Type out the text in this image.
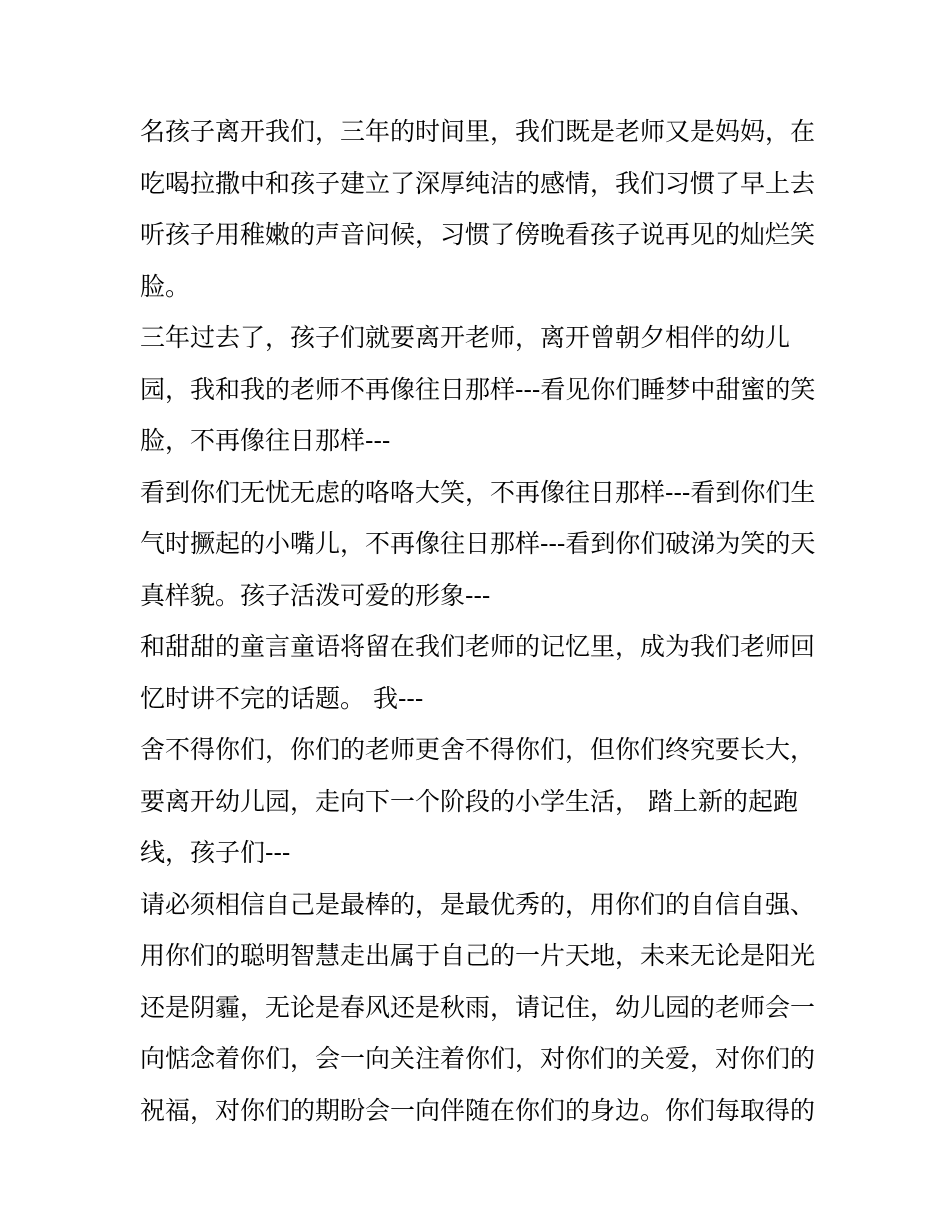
名孩子离开我们，三年的时间里，我们既是老师又是妈妈，在
吃喝拉撒中和孩子建立了深厚纯洁的感情，我们习惯了早上去
听孩子用稚嫩的声音问候，习惯了傍晚看孩子说再见的灿烂笑
脸。
三年过去了，孩子们就要离开老师，离开曾朝夕相伴的幼儿
园，我和我的老师不再像往日那样---看见你们睡梦中甜蜜的笑
脸，不再像往日那样---
看到你们无忧无虑的咯咯大笑，不再像往日那样---看到你们生
气时撅起的小嘴儿，不再像往日那样---看到你们破涕为笑的天
真样貌。孩子活泼可爱的形象---
和甜甜的童言童语将留在我们老师的记忆里，成为我们老师回
忆时讲不完的话题。 我---
舍不得你们，你们的老师更舍不得你们，但你们终究要长大，
要离开幼儿园，走向下一个阶段的小学生活， 踏上新的起跑
线，孩子们---
请必须相信自己是最棒的，是最优秀的，用你们的自信自强、
用你们的聪明智慧走出属于自己的一片天地，未来无论是阳光
还是阴霾，无论是春风还是秋雨，请记住，幼儿园的老师会一
向惦念着你们，会一向关注着你们，对你们的关爱，对你们的
祝福，对你们的期盼会一向伴随在你们的身边。你们每取得的
